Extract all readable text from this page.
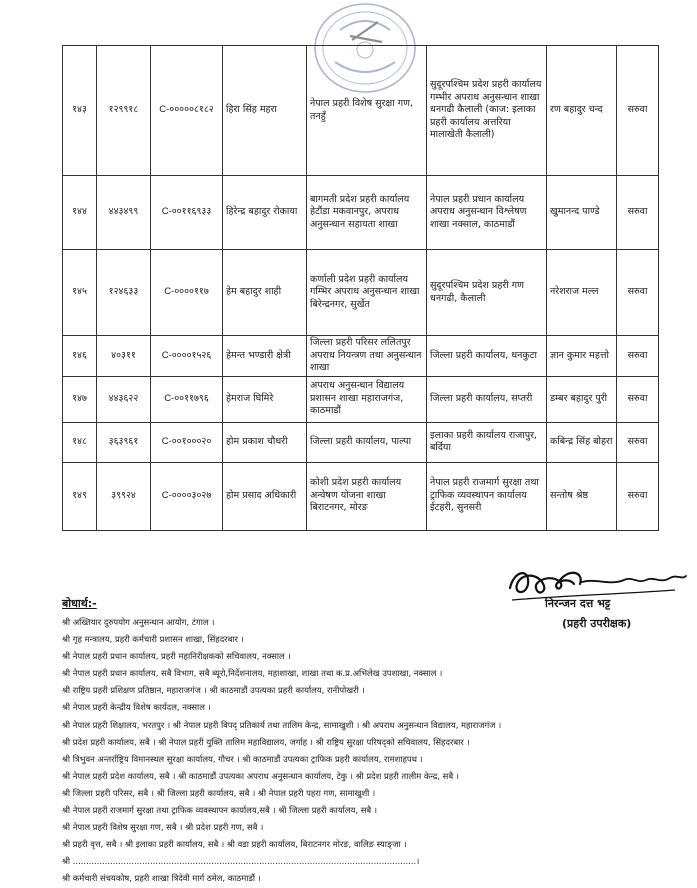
१४३	१२९९१८	C-०००००८१८२	हिरा सिंह महरा	नेपाल प्रहरी विशेष सुरक्षा गण, तनहुँ	सुदूरपश्चिम प्रदेश प्रहरी कार्यालय गम्भीर अपराध अनुसन्धान शाखा धनगढी कैलाली (काज: इलाका प्रहरी कार्यालय अत्तरिया मालाखेती कैलाली)	रण बहादुर चन्द	सरुवा
१४४	४४३४९९	C-००११६९३३	हिरेन्द्र बहादुर रोकाया	बागमती प्रदेश प्रहरी कार्यालय हेटौंडा मकवानपुर, अपराध अनुसन्धान सहायता शाखा	नेपाल प्रहरी प्रधान कार्यालय अपराध अनुसन्धान विश्लेषण शाखा नक्साल, काठमाडौं	खुमानन्द पाण्डे	सरुवा
१४५	१२४६३३	C-००००११७	हेम बहादुर शाही	कर्णाली प्रदेश प्रहरी कार्यालय गम्भिर अपराध अनुसन्धान शाखा बिरेन्द्रनगर, सुर्खेत	सुदूरपश्चिम प्रदेश प्रहरी गण धनगढी, कैलाली	नरेशराज मल्ल	सरुवा
१४६	४०३११	C-००००१५२६	हेमन्त भण्डारी क्षेत्री	जिल्ला प्रहरी परिसर ललितपुर अपराध नियन्त्रण तथा अनुसन्धान शाखा	जिल्ला प्रहरी कार्यालय, धनकुटा	ज्ञान कुमार महत्तो	सरुवा
१४७	४४३६२२	C-००११७९६	हेमराज घिमिरे	अपराध अनुसन्धान विद्यालय प्रशासन शाखा महाराजगंज, काठमाडौं	जिल्ला प्रहरी कार्यालय, सप्तरी	डम्बर बहादुर पुरी	सरुवा
१४८	३६३९६१	C-००१०००२०	होम प्रकाश चौधरी	जिल्ला प्रहरी कार्यालय, पाल्पा	इलाका प्रहरी कार्यालय राजापुर, बर्दिया	कबिन्द्र सिंह बोहरा	सरुवा
१४९	३९९२४	C-००००३०२७	होम प्रसाद अधिकारी	कोशी प्रदेश प्रहरी कार्यालय अन्वेषण योजना शाखा बिराटनगर, मोरङ	नेपाल प्रहरी राजमार्ग सुरक्षा तथा ट्राफिक व्यवस्थापन कार्यालय ईटहरी, सुनसरी	सन्तोष श्रेष्ठ	सरुवा
निरन्जन दत्त भट्ट
(प्रहरी उपरीक्षक)
बोधार्थ:-
श्री अख्तियार दुरुपयोग अनुसन्धान आयोग, टंगाल ।
श्री गृह मन्त्रालय, प्रहरी कर्मचारी प्रशासन शाखा, सिंहदरबार ।
श्री नेपाल प्रहरी प्रधान कार्यालय, प्रहरी महानिरीक्षकको सचिवालय, नक्साल ।
श्री नेपाल प्रहरी प्रधान कार्यालय, सबै विभाग, सबै ब्यूरो,निर्देशनालय, महाशाखा, शाखा तथा क.प्र.अभिलेख उपशाखा, नक्साल ।
श्री राष्ट्रिय प्रहरी प्रशिक्षण प्रतिष्ठान, महाराजगंज । श्री काठमाडौं उपत्यका प्रहरी कार्यालय, रानीपोखरी ।
श्री नेपाल प्रहरी केन्द्रीय विशेष कार्यदल, नक्साल ।
श्री नेपाल प्रहरी शिक्षालय, भरतपुर । श्री नेपाल प्रहरी विपद् प्रतिकार्य तथा तालिम केन्द्र, सामाखुशी । श्री अपराध अनुसन्धान विद्यालय, महाराजगंज ।
श्री प्रदेश प्रहरी कार्यालय, सबै । श्री नेपाल प्रहरी युक्ति तालिम महाविद्यालय, जर्गाह । श्री राष्ट्रिय सुरक्षा परिषद्को सचिवालय, सिंहदरबार ।
श्री त्रिभुवन अन्तर्राष्ट्रिय विमानस्थल सुरक्षा कार्यालय, गौचर । श्री काठमाडौं उपत्यका ट्राफिक प्रहरी कार्यालय, रामशाहपथ ।
श्री नेपाल प्रहरी प्रदेश कार्यालय, सबै । श्री काठमाडौं उपत्यका अपराध अनुसन्धान कार्यालय, टेकु । श्री प्रदेश प्रहरी तालीम केन्द्र, सबै ।
श्री जिल्ला प्रहरी परिसर, सबै । श्री जिल्ला प्रहरी कार्यालय, सबै । श्री नेपाल प्रहरी पहरा गण, सामाखुशी ।
श्री नेपाल प्रहरी राजमार्ग सुरक्षा तथा ट्राफिक व्यवस्थापन कार्यालय,सबै । श्री जिल्ला प्रहरी कार्यालय, सबै ।
श्री नेपाल प्रहरी विशेष सुरक्षा गण, सबै । श्री प्रदेश प्रहरी गण, सबै ।
श्री प्रहरी वृत्त, सबै । श्री इलाका प्रहरी कार्यालय, सबै । श्री वडा प्रहरी कार्यालय, बिराटनगर मोरङ, वालिङ स्याङ्जा ।
श्री .................................................................................................................................।
श्री कर्मचारी संचयकोष, प्रहरी शाखा त्रिदेवी मार्ग ठमेल, काठमाडौं ।
